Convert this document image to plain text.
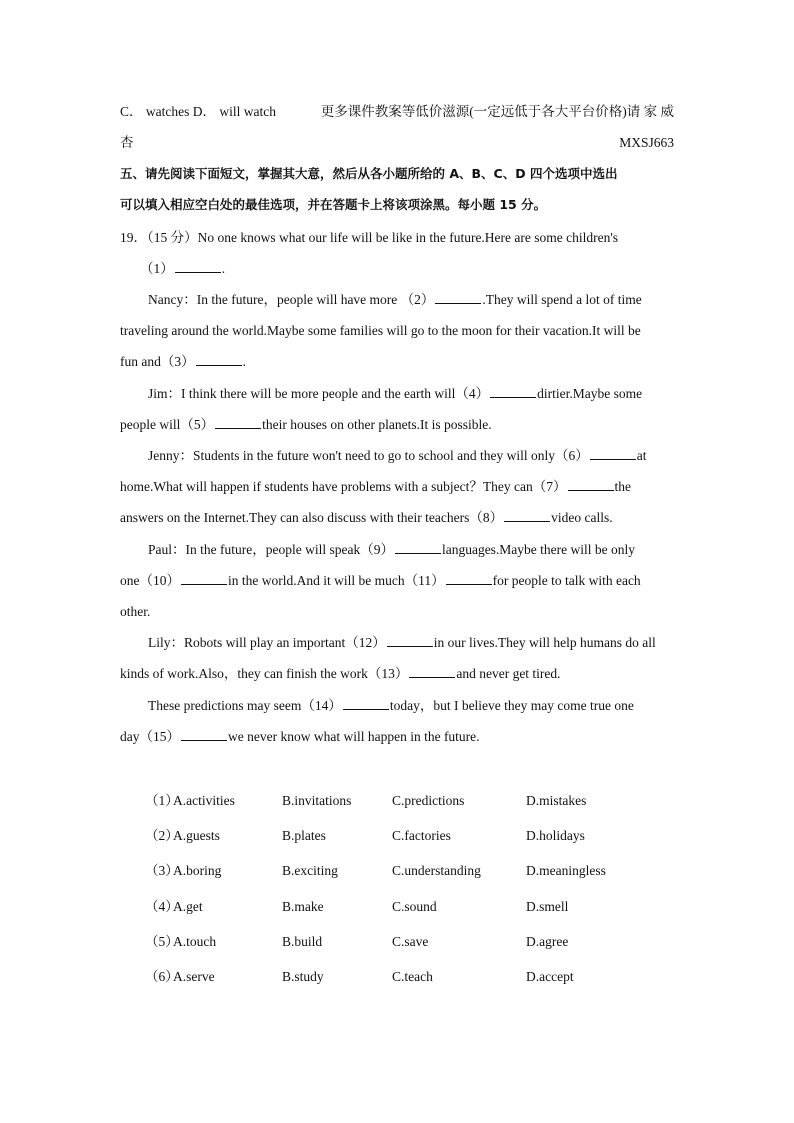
C． watches D． will watch	更多课件教案等低价滋源(一定远低于各大平台价格)请 家 威
杏	MXSJ663
五、请先阅读下面短文，掌握其大意，然后从各小题所给的 A、B、C、D 四个选项中选出
可以填入相应空白处的最佳选项，并在答题卡上将该项涂黑。每小题 15 分。
19．（15 分）No one knows what our life will be like in the future.Here are some children's
（1）	.
Nancy：In the future，people will have more （2）	.They will spend a lot of time
traveling around the world.Maybe some families will go to the moon for their vacation.It will be
fun and（3）	.
Jim：I think there will be more people and the earth will（4）	dirtier.Maybe some
people will（5）	their houses on other planets.It is possible.
Jenny：Students in the future won't need to go to school and they will only（6）	at
home.What will happen if students have problems with a subject？They can（7）	the
answers on the Internet.They can also discuss with their teachers（8）	video calls.
Paul：In the future，people will speak（9）	languages.Maybe there will be only
one（10）	in the world.And it will be much（11）	for people to talk with each
other.
Lily：Robots will play an important（12）	in our lives.They will help humans do all
kinds of work.Also，they can finish the work（13）	and never get tired.
These predictions may seem（14）	today，but I believe they may come true one
day（15）	we never know what will happen in the future.
（1）
A.activities	B.invitations	C.predictions	D.mistakes
（2）
A.guests	B.plates	C.factories	D.holidays
（3）
A.boring	B.exciting	C.understanding	D.meaningless
（4）
A.get	B.make	C.sound	D.smell
（5）
A.touch	B.build	C.save	D.agree
（6）
A.serve	B.study	C.teach	D.accept
